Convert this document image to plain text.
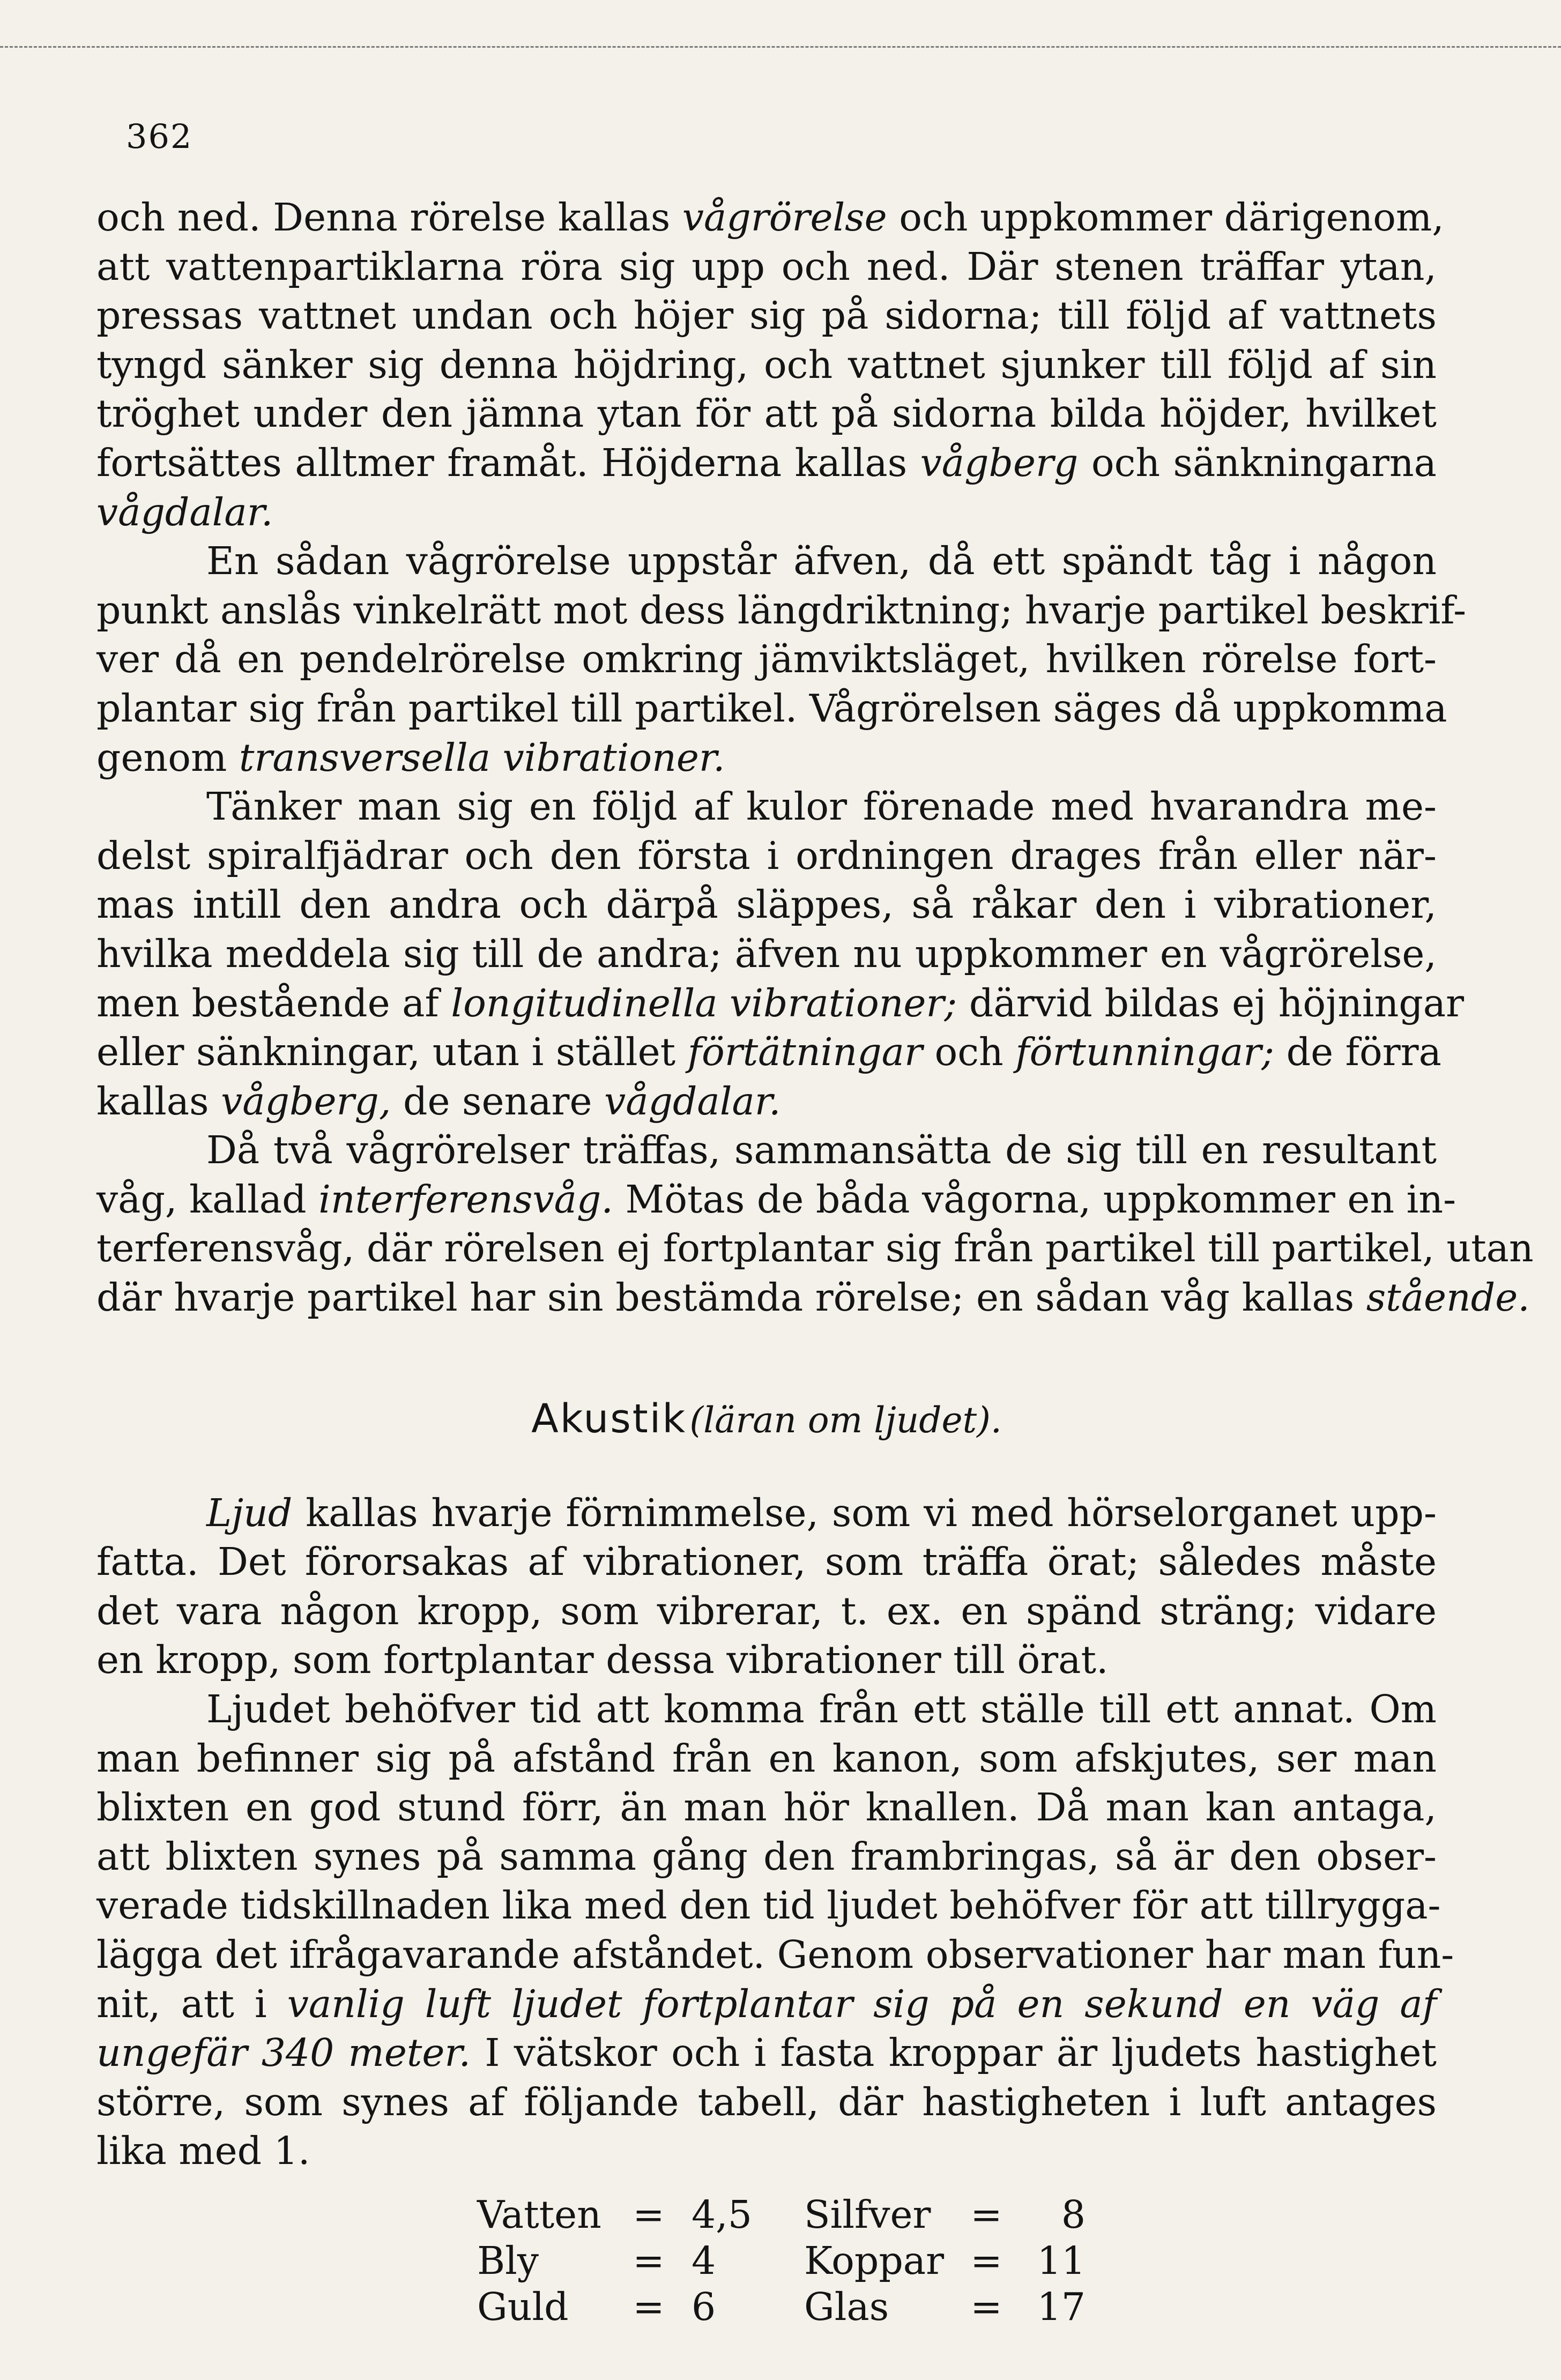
362
och ned. Denna rörelse kallas vågrörelse och uppkommer därigenom,
att vattenpartiklarna röra sig upp och ned. Där stenen träffar ytan,
pressas vattnet undan och höjer sig på sidorna; till följd af vattnets
tyngd sänker sig denna höjdring, och vattnet sjunker till följd af sin
tröghet under den jämna ytan för att på sidorna bilda höjder, hvilket
fortsättes alltmer framåt. Höjderna kallas vågberg och sänkningarna
vågdalar.
En sådan vågrörelse uppstår äfven, då ett spändt tåg i någon
punkt anslås vinkelrätt mot dess längdriktning; hvarje partikel beskrif-
ver då en pendelrörelse omkring jämviktsläget, hvilken rörelse fort-
plantar sig från partikel till partikel. Vågrörelsen säges då uppkomma
genom transversella vibrationer.
Tänker man sig en följd af kulor förenade med hvarandra me-
delst spiralfjädrar och den första i ordningen drages från eller när-
mas intill den andra och därpå släppes, så råkar den i vibrationer,
hvilka meddela sig till de andra; äfven nu uppkommer en vågrörelse,
men bestående af longitudinella vibrationer; därvid bildas ej höjningar
eller sänkningar, utan i stället förtätningar och förtunningar; de förra
kallas vågberg, de senare vågdalar.
Då två vågrörelser träffas, sammansätta de sig till en resultant
våg, kallad interferensvåg. Mötas de båda vågorna, uppkommer en in-
terferensvåg, där rörelsen ej fortplantar sig från partikel till partikel, utan
där hvarje partikel har sin bestämda rörelse; en sådan våg kallas stående.
Akustik (läran om ljudet).
Ljud kallas hvarje förnimmelse, som vi med hörselorganet upp-
fatta. Det förorsakas af vibrationer, som träffa örat; således måste
det vara någon kropp, som vibrerar, t. ex. en spänd sträng; vidare
en kropp, som fortplantar dessa vibrationer till örat.
Ljudet behöfver tid att komma från ett ställe till ett annat. Om
man befinner sig på afstånd från en kanon, som afskjutes, ser man
blixten en god stund förr, än man hör knallen. Då man kan antaga,
att blixten synes på samma gång den frambringas, så är den obser-
verade tidskillnaden lika med den tid ljudet behöfver för att tillrygga-
lägga det ifrågavarande afståndet. Genom observationer har man fun-
nit, att i vanlig luft ljudet fortplantar sig på en sekund en väg af
ungefär 340 meter. I vätskor och i fasta kroppar är ljudets hastighet
större, som synes af följande tabell, där hastigheten i luft antages
lika med 1.
Vatten	=	4,5	Silfver	=	8
Bly	=	4	Koppar	=	11
Guld	=	6	Glas	=	17
